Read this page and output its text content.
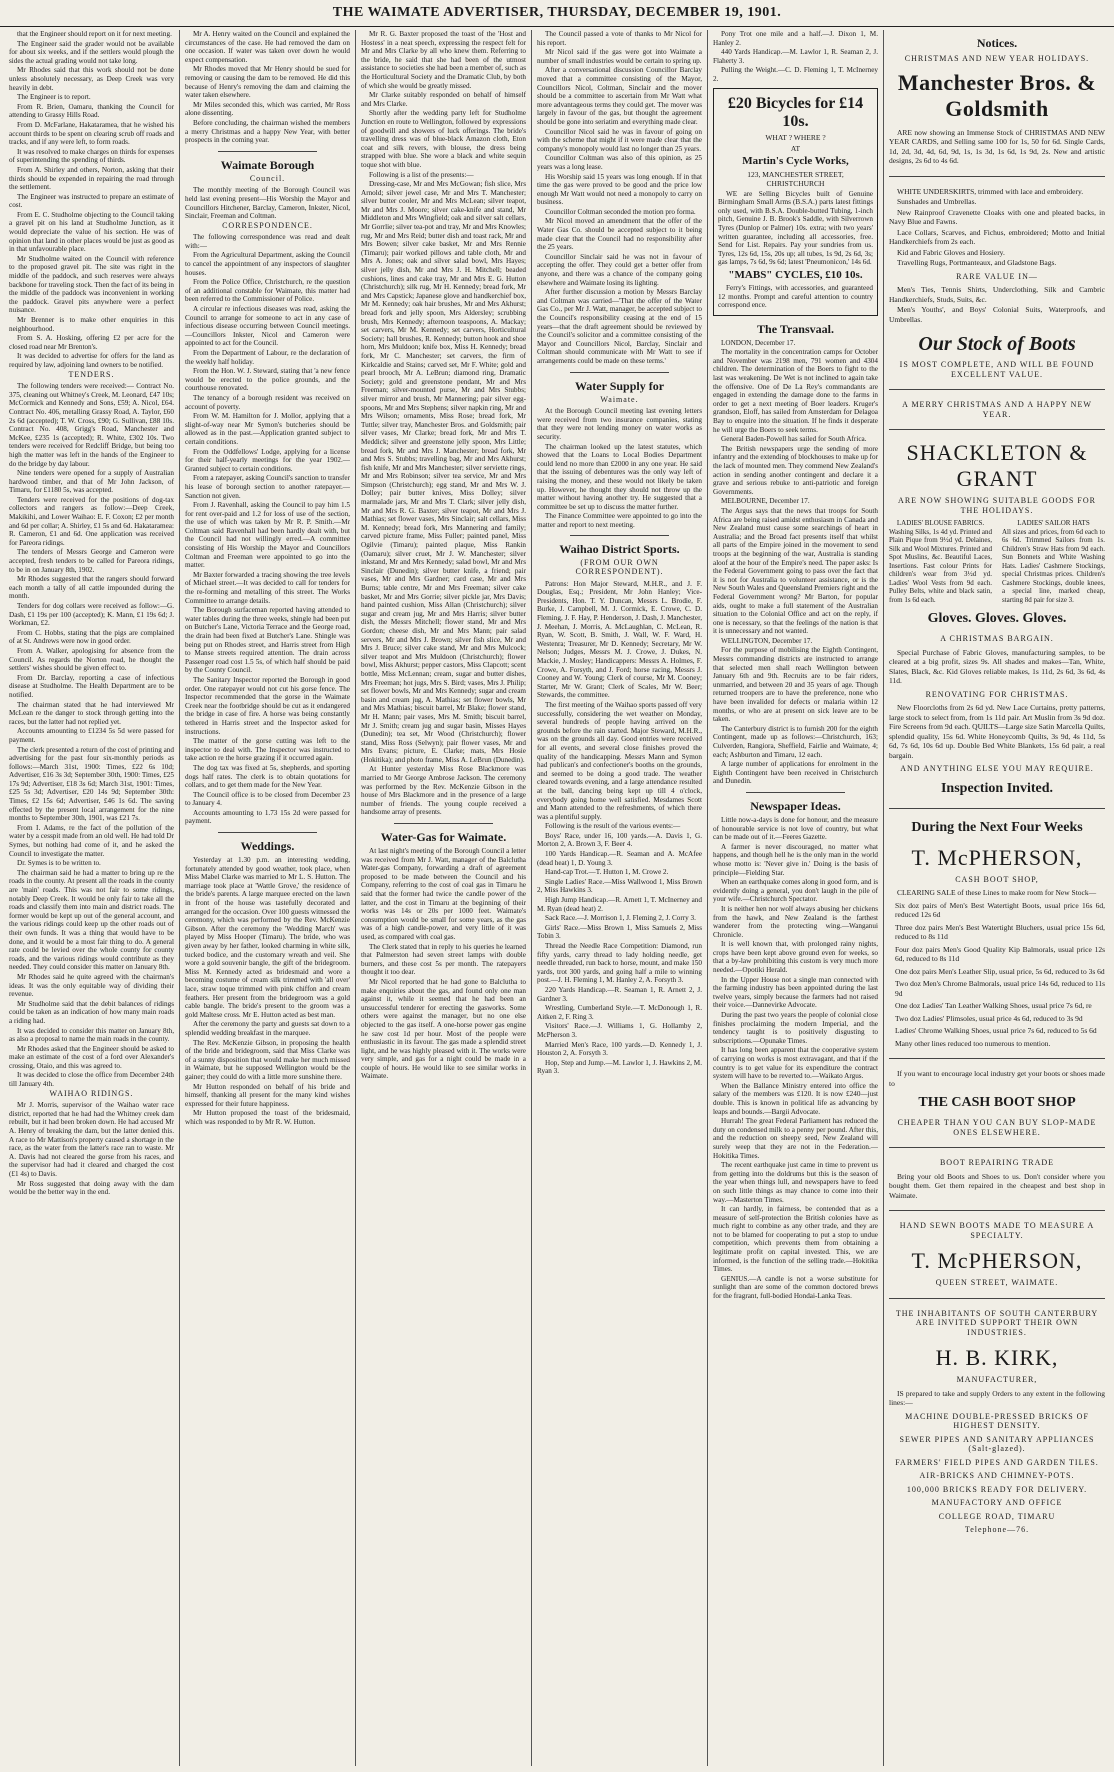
THE WAIMATE ADVERTISER, THURSDAY, DECEMBER 19, 1901.

that the Engineer should report on it for next meeting.

The Engineer said the grader would not be available for about six weeks, and if the settlers would plough the sides the actual grading would not take long.

Mr Rhodes said that this work should not be done unless absolutely necessary, as Deep Creek was very heavily in debt.

The Engineer is to report.

From R. Brien, Oamaru, thanking the Council for attending to Grassy Hills Road.

From D. McFarlane, Hakataramea, that he wished his account thirds to be spent on clearing scrub off roads and tracks, and if any were left, to form roads.

It was resolved to make charges on thirds for expenses of superintending the spending of thirds.

From A. Shirley and others, Norton, asking that their thirds should be expended in repairing the road through the settlement.

The Engineer was instructed to prepare an estimate of cost.

From E. C. Studholme objecting to the Council taking a gravel pit on his land at Studholme Junction, as it would depreciate the value of his section. He was of opinion that land in other places would be just as good as in that unfavourable place.

Mr Studholme waited on the Council with reference to the proposed gravel pit. The site was right in the middle of the paddock, and such reserves were always backbone for traveling stock. Then the fact of its being in the middle of the paddock was inconvenient in working the paddock. Gravel pits anywhere were a perfect nuisance.

Mr Brenner is to make other enquiries in this neighbourhood.

From S. A. Hosking, offering £2 per acre for the closed road near Mr Brenton's.

It was decided to advertise for offers for the land as required by law, adjoining land owners to be notified.

TENDERS.

The following tenders were received:— Contract No. 375, cleaning out Whitney's Creek, M. Leonard, £47 10s; McCormick and Kennedy and Sons, £59; A. Nicol, £64. Contract No. 406, metalling Grassy Road, A. Taylor, £60 2s 6d (accepted); T. W. Cross, £90; G. Sullivan, £88 10s. Contract No. 408, Grigg's Road, Manchester and McKee, £235 1s (accepted); R. White, £302 10s. Two tenders were received for Redcliff Bridge, but being too high the matter was left in the hands of the Engineer to do the bridge by day labour.

Nine tenders were opened for a supply of Australian hardwood timber, and that of Mr John Jackson, of Timaru, for £1180 5s, was accepted.

Tenders were received for the positions of dog-tax collectors and rangers as follow:—Deep Creek, Makikihi, and Lower Waihao: E. F. Coxon; £2 per month and 6d per collar; A. Shirley, £1 5s and 6d. Hakataramea: R. Cameron, £1 and 6d. One application was received for Pareora ridings.

The tenders of Messrs George and Cameron were accepted, fresh tenders to be called for Pareora ridings, to be in on January 8th, 1902.

Mr Rhodes suggested that the rangers should forward each month a tally of all cattle impounded during the month.

Tenders for dog collars were received as follow:—G. Dash, £1 19s per 100 (accepted); K. Mann, £1 19s 6d; J. Workman, £2.

From C. Hobbs, stating that the pigs are complained of at St. Andrews were now in good order.

From A. Walker, apologising for absence from the Council. As regards the Norton road, he thought the settlers' wishes should be given effect to.

From Dr. Barclay, reporting a case of infectious disease at Studholme. The Health Department are to be notified.

The chairman stated that he had interviewed Mr McLean re the danger to stock through getting into the races, but the latter had not replied yet.

Accounts amounting to £1234 5s 5d were passed for payment.

The clerk presented a return of the cost of printing and advertising for the past four six-monthly periods as follows:—March 31st, 1900: Times, £22 6s 10d; Advertiser, £16 3s 3d; September 30th, 1900: Times, £25 17s 9d; Advertiser, £18 3s 6d; March 31st, 1901: Times, £25 5s 3d; Advertiser, £20 14s 9d; September 30th: Times, £2 15s 6d; Advertiser, £46 1s 6d. The saving effected by the present local arrangement for the nine months to September 30th, 1901, was £21 7s.

From I. Adams, re the fact of the pollution of the water by a cesspit made from an old well. He had told Dr Symes, but nothing had come of it, and he asked the Council to investigate the matter.

Dr. Symes is to be written to.

The chairman said he had a matter to bring up re the roads in the county. At present all the roads in the county are 'main' roads. This was not fair to some ridings, notably Deep Creek. It would be only fair to take all the roads and classify them into main and district roads. The former would be kept up out of the general account, and the various ridings could keep up the other roads out of their own funds. It was a thing that would have to be done, and it would be a most fair thing to do. A general rate could be levied over the whole county for county roads, and the various ridings would contribute as they needed. They could consider this matter on January 8th.

Mr Rhodes said he quite agreed with the chairman's ideas. It was the only equitable way of dividing their revenue.

Mr Studholme said that the debit balances of ridings could be taken as an indication of how many main roads a riding had.

It was decided to consider this matter on January 8th, as also a proposal to name the main roads in the county.

Mr Rhodes asked that the Engineer should be asked to make an estimate of the cost of a ford over Alexander's crossing, Otaio, and this was agreed to.

It was decided to close the office from December 24th till January 4th.

WAIHAO RIDINGS.

Mr J. Morris, supervisor of the Waihao water race district, reported that he had had the Whitney creek dam rebuilt, but it had been broken down. He had accused Mr A. Henry of breaking the dam, but the latter denied this. A race to Mr Mattison's property caused a shortage in the race, as the water from the latter's race ran to waste. Mr A. Davis had not cleared the gorse from his races, and the supervisor had had it cleared and charged the cost (£1 4s) to Davis.

Mr Ross suggested that doing away with the dam would be the better way in the end.

Mr A. Henry waited on the Council and explained the circumstances of the case. He had removed the dam on one occasion. If water was taken over down he would expect compensation.

Mr Rhodes moved that Mr Henry should be sued for removing or causing the dam to be removed. He did this because of Henry's removing the dam and claiming the water taken elsewhere.

Mr Miles seconded this, which was carried, Mr Ross alone dissenting.

Before concluding, the chairman wished the members a merry Christmas and a happy New Year, with better prospects in the coming year.

Waimate Borough
Council.

The monthly meeting of the Borough Council was held last evening present—His Worship the Mayor and Councillors Hitchener, Barclay, Cameron, Inkster, Nicol, Sinclair, Freeman and Coltman.

CORRESPONDENCE.

The following correspondence was read and dealt with:—

From the Agricultural Department, asking the Council to cancel the appointment of any inspectors of slaughter houses.

From the Police Office, Christchurch, re the question of an additional constable for Waimate, this matter had been referred to the Commissioner of Police.

A circular re infectious diseases was read, asking the Council to arrange for someone to act in any case of infectious disease occurring between Council meetings.—Councillors Inkster, Nicol and Cameron were appointed to act for the Council.

From the Department of Labour, re the declaration of the weekly half holiday.

From the Hon. W. J. Steward, stating that 'a new fence would be erected to the police grounds, and the courthouse renovated.

The tenancy of a borough resident was received on account of poverty.

From W. M. Hamilton for J. Mollor, applying that a slight-of-way near Mr Symon's butcheries should be allowed as in the past.—Application granted subject to certain conditions.

From the Oddfellows' Lodge, applying for a license for their half-yearly meetings for the year 1902.—Granted subject to certain conditions.

From a ratepayer, asking Council's sanction to transfer his lease of borough section to another ratepayer.—Sanction not given.

From J. Ravenhall, asking the Council to pay him 1.5 for rent over-paid and 1.2 for loss of use of the section, the use of which was taken by Mr R. P. Smith.—Mr Coltman said Ravenhall had been hardly dealt with, but the Council had not willingly erred.—A committee consisting of His Worship the Mayor and Councillors Coltman and Freeman were appointed to go into the matter.

Mr Baxter forwarded a tracing showing the tree levels of Michael street.—It was decided to call for tenders for the re-forming and metalling of this street. The Works Committee to arrange details.

The Borough surfaceman reported having attended to water tables during the three weeks, shingle had been put on Butcher's Lane, Victoria Terrace and the George road, the drain had been fixed at Butcher's Lane. Shingle was being put on Rhodes street, and Harris street from High to Manse streets required attention. The drain across Passenger road cost 1.5 5s, of which half should be paid by the County Council.

The Sanitary Inspector reported the Borough in good order. One ratepayer would not cut his gorse fence. The Inspector recommended that the gorse in the Waimate Creek near the footbridge should be cut as it endangered the bridge in case of fire. A horse was being constantly tethered in Harris street and the Inspector asked for instructions.

The matter of the gorse cutting was left to the inspector to deal with. The Inspector was instructed to take action re the horse grazing if it occurred again.

The dog tax was fixed at 5s, shepherds, and sporting dogs half rates. The clerk is to obtain quotations for collars, and to get them made for the New Year.

The Council office is to be closed from December 23 to January 4.

Accounts amounting to 1.73 15s 2d were passed for payment.

Weddings.

Yesterday at 1.30 p.m. an interesting wedding, fortunately attended by good weather, took place, when Miss Mabel Clarke was married to Mr L. S. Hutton. The marriage took place at 'Wattle Grove,' the residence of the bride's parents. A large marquee erected on the lawn in front of the house was tastefully decorated and arranged for the occasion. Over 100 guests witnessed the ceremony, which was performed by the Rev. McKenzie Gibson. After the ceremony the 'Wedding March' was played by Miss Hooper (Timaru). The bride, who was given away by her father, looked charming in white silk, tucked bodice, and the customary wreath and veil. She wore a gold souvenir bangle, the gift of the bridegroom. Miss M. Kennedy acted as bridesmaid and wore a becoming costume of cream silk trimmed with 'all over' lace, straw toque trimmed with pink chiffon and cream feathers. Her present from the bridegroom was a gold cable bangle. The bride's present to the groom was a gold Maltese cross. Mr E. Hutton acted as best man.

After the ceremony the party and guests sat down to a splendid wedding breakfast in the marquee.

The Rev. McKenzie Gibson, in proposing the health of the bride and bridegroom, said that Miss Clarke was of a sunny disposition that would make her much missed in Waimate, but he supposed Wellington would be the gainer; they could do with a little more sunshine there.

Mr Hutton responded on behalf of his bride and himself, thanking all present for the many kind wishes expressed for their future happiness.

Mr Hutton proposed the toast of the bridesmaid, which was responded to by Mr R. W. Hutton.

Mr R. G. Baxter proposed the toast of the 'Host and Hostess' in a neat speech, expressing the respect felt for Mr and Mrs Clarke by all who knew them. Referring to the bride, he said that she had been of the utmost assistance to societies she had been a member of, such as the Horticultural Society and the Dramatic Club, by both of which she would be greatly missed.

Mr Clarke suitably responded on behalf of himself and Mrs Clarke.

Shortly after the wedding party left for Studholme Junction en route to Wellington, followed by expressions of goodwill and showers of luck offerings. The bride's travelling dress was of blue-black Amazon cloth, Eton coat and silk revers, with blouse, the dress being strapped with blue. She wore a black and white sequin toque shot with blue.

Following is a list of the presents:—

Dressing-case, Mr and Mrs McGowan; fish slice, Mrs Arnold; silver jewel case, Mr and Mrs T. Manchester; silver butter cooler, Mr and Mrs McLean; silver teapot, Mr and Mrs J. Moore; silver cake-knife and stand, Mr Middleton and Mrs Wingfield; oak and silver salt cellars, Mr Gorrlie; silver tea-pot and tray, Mr and Mrs Knowles; rug, Mr and Mrs Reid; butter dish and toast rack, Mr and Mrs Bowen; silver cake basket, Mr and Mrs Rennie (Timaru); pair worked pillows and table cloth, Mr and Mrs A. Jones; oak and silver salad bowl, Mrs Hayes; silver jelly dish, Mr and Mrs J. H. Mitchell; beaded cushions, lines and cake tray, Mr and Mrs E. G. Hutton (Christchurch); silk rug, Mr H. Kennedy; bread fork, Mr and Mrs Capstick; Japanese glove and handkerchief box, Mr M. Kennedy; oak hair brushes, Mr and Mrs Akhurst; bread fork and jelly spoon, Mrs Aldersley; scrubbing brush, Mrs Kennedy; afternoon teaspoons, A. Mackay; set carvers, Mr M. Kennedy; set carvers, Horticultural Society; hall brushes, R. Kennedy; button hook and shoe horn, Mrs Muldoon; knife box, Miss H. Kennedy; bread fork, Mr C. Manchester; set carvers, the firm of Kirkcaldie and Stains; carved set, Mr F. White; gold and pearl brooch, Mr A. LeBrun; diamond ring, Dramatic Society; gold and greenstone pendant, Mr and Mrs Freeman; silver-mounted purse, Mr and Mrs Stubbs; silver mirror and brush, Mr Mannering; pair silver egg-spoons, Mr and Mrs Stephens; silver napkin ring, Mr and Mrs Wilson; ornaments, Miss Rose; bread fork, Mr Tuttle; silver tray, Manchester Bros. and Goldsmith; pair silver vases, Mr Clarke; bread fork, Mr and Mrs T. Meddick; silver and greenstone jelly spoon, Mrs Little; bread fork, Mr and Mrs J. Manchester; bread fork, Mr and Mrs S. Stubbs; travelling bag, Mr and Mrs Akhurst; fish knife, Mr and Mrs Manchester; silver serviette rings, Mr and Mrs Robinson; silver tea service, Mr and Mrs Simpson (Christchurch); egg stand, Mr and Mrs W. J. Dolley; pair butter knives, Miss Dolley; silver marmalade jars, Mr and Mrs T. Clark; silver jelly dish, Mr and Mrs R. G. Baxter; silver teapot, Mr and Mrs J. Mathias; set flower vases, Mrs Sinclair; salt cellars, Miss M. Kennedy; bread fork, Mrs Mannering and family; carved picture frame, Miss Fuller; painted panel, Miss Ogilvie (Timaru); painted plaque, Miss Rankin (Oamaru); silver cruet, Mr J. W. Manchester; silver inkstand, Mr and Mrs Kennedy; salad bowl, Mr and Mrs Sinclair (Dunedin); silver butter knife, a friend; pair vases, Mr and Mrs Gardner; card case, Mr and Mrs Burns; table centre, Mr and Mrs Freeman; silver cake basket, Mr and Mrs Gorrie; silver pickle jar, Mrs Davis; hand painted cushion, Miss Allan (Christchurch); silver sugar and cream jug, Mr and Mrs Harris; silver butter dish, the Messrs Mitchell; flower stand, Mr and Mrs Gordon; cheese dish, Mr and Mrs Mann; pair salad servers, Mr and Mrs J. Brown; silver fish slice, Mr and Mrs J. Bruce; silver cake stand, Mr and Mrs Mulcock; silver teapot and Mrs Muldoon (Christchurch); flower bowl, Miss Akhurst; pepper castors, Miss Clapcott; scent bottle, Miss McLennan; cream, sugar and butter dishes, Mrs Freeman; hot jugs, Mrs S. Bird; vases, Mrs J. Philip; set flower bowls, Mr and Mrs Kennedy; sugar and cream basin and cream jug, A. Mathias; set flower bowls, Mr and Mrs Mathias; biscuit barrel, Mr Blake; flower stand, Mr H. Mann; pair vases, Mrs M. Smith; biscuit barrel, Mr J. Smith; cream jug and sugar basin, Misses Hayes (Dunedin); tea set, Mr Wood (Christchurch); flower stand, Miss Ross (Selwyn); pair flower vases, Mr and Mrs Evans; picture, E. Clarke; mats, Mrs Hosie (Hokitika); and photo frame, Miss A. LeBrun (Dunedin).

At Hunter yesterday Miss Rose Blackmore was married to Mr George Ambrose Jackson. The ceremony was performed by the Rev. McKenzie Gibson in the house of Mrs Blackmore and in the presence of a large number of friends. The young couple received a handsome array of presents.

Water-Gas for Waimate.

At last night's meeting of the Borough Council a letter was received from Mr J. Watt, manager of the Balclutha Water-gas Company, forwarding a draft of agreement proposed to be made between the Council and his Company, referring to the cost of coal gas in Timaru he said that the former had twice the candle power of the latter, and the cost in Timaru at the beginning of their works was 14s or 20s per 1000 feet. Waimate's consumption would be small for some years, as the gas was of a high candle-power, and very little of it was used, as compared with coal gas.

The Clerk stated that in reply to his queries he learned that Palmerston had seven street lamps with double burners, and these cost 5s per month. The ratepayers thought it too dear.

Mr Nicol reported that he had gone to Balclutha to make enquiries about the gas, and found only one man against it, while it seemed that he had been an unsuccessful tenderer for erecting the gasworks. Some others were against the manager, but no one else objected to the gas itself. A one-horse power gas engine he saw cost 1d per hour. Most of the people were enthusiastic in its favour. The gas made a splendid street light, and he was highly pleased with it. The works were very simple, and gas for a night could be made in a couple of hours. He would like to see similar works in Waimate.

The Council passed a vote of thanks to Mr Nicol for his report.

Mr Nicol said if the gas were got into Waimate a number of small industries would be certain to spring up.

After a conversational discussion Councillor Barclay moved that a committee consisting of the Mayor, Councillors Nicol, Coltman, Sinclair and the mover should be a committee to ascertain from Mr Watt what more advantageous terms they could get. The mover was largely in favour of the gas, but thought the agreement should be gone into seriatim and everything made clear.

Councillor Nicol said he was in favour of going on with the scheme that might if it were made clear that the company's monopoly would last no longer than 25 years.

Councillor Coltman was also of this opinion, as 25 years was a long lease.

His Worship said 15 years was long enough. If in that time the gas were proved to be good and the price low enough Mr Watt would not need a monopoly to carry on business.

Councillor Coltman seconded the motion pro forma.

Mr Nicol moved an amendment that the offer of the Water Gas Co. should be accepted subject to it being made clear that the Council had no responsibility after the 25 years.

Councillor Sinclair said he was not in favour of accepting the offer. They could get a better offer from anyone, and there was a chance of the company going elsewhere and Waimate losing its lighting.

After further discussion a motion by Messrs Barclay and Coltman was carried—'That the offer of the Water Gas Co., per Mr J. Watt, manager, be accepted subject to the Council's responsibility ceasing at the end of 15 years—that the draft agreement should be reviewed by the Council's solicitor and a committee consisting of the Mayor and Councillors Nicol, Barclay, Sinclair and Coltman should communicate with Mr Watt to see if arrangements could be made on these terms.'

Water Supply for
Waimate.

At the Borough Council meeting last evening letters were received from two insurance companies, stating that they were not lending money on water works as security.

The chairman looked up the latest statutes, which showed that the Loans to Local Bodies Department could lend no more than £2000 in any one year. He said that the issuing of debentures was the only way left of raising the money, and these would not likely be taken up. However, he thought they should not throw up the matter without having another try. He suggested that a committee be set up to discuss the matter further.

The Finance Committee were appointed to go into the matter and report to next meeting.

Waihao District Sports.
(FROM OUR OWN CORRESPONDENT).

Patrons: Hon Major Steward, M.H.R., and J. F. Douglas, Esq.; President, Mr John Hanley; Vice-Presidents, Hon. T. Y. Duncan, Messrs L. Brodie, F. Burke, J. Campbell, M. J. Cormick, E. Crowe, C. D. Fleming, J. F. Hay, P. Henderson, J. Dash, J. Manchester, J. Meehan, J. Morris, A. McLaughlan, C. McLean, R. Ryan, W. Scott, B. Smith, J. Wall, W. F. Ward, H. Westenra; Treasurer, Mr D. Kennedy; Secretary, Mr W. Nelson; Judges, Messrs M. J. Crowe, J. Dukes, N. Mackie, J. Mosley; Handicappers: Messrs A. Holmes, F. Crowe, A. Forsyth, and J. Ford; horse racing, Messrs J. Cooney and W. Young; Clerk of course, Mr M. Cooney; Starter, Mr W. Grant; Clerk of Scales, Mr W. Beer; Stewards, the committee.

The first meeting of the Waihao sports passed off very successfully, considering the wet weather on Monday, several hundreds of people having arrived on the grounds before the rain started. Major Steward, M.H.R., was on the grounds all day. Good entries were received for all events, and several close finishes proved the quality of the handicapping. Messrs Mann and Symon had publican's and confectioner's booths on the grounds, and seemed to be doing a good trade. The weather cleared towards evening, and a large attendance resulted at the ball, dancing being kept up till 4 o'clock, everybody going home well satisfied. Mesdames Scott and Mann attended to the refreshments, of which there was a plentiful supply.

Following is the result of the various events:—

Boys' Race, under 16, 100 yards.—A. Davis 1, G. Morton 2, A. Brown 3, F. Beer 4.

100 Yards Handicap.—R. Seaman and A. McAfee (dead heat) 1, D. Young 3.

Hand-cap Trot.—T. Hutton 1, M. Crowe 2.

Single Ladies' Race.—Miss Wallwood 1, Miss Brown 2, Miss Hawkins 3.

High Jump Handicap.—R. Arnett 1, T. McInerney and M. Ryan (dead heat) 2.

Sack Race.—J. Morrison 1, J. Fleming 2, J. Corry 3.

Girls' Race.—Miss Brown 1, Miss Samuels 2, Miss Tobin 3.

Thread the Needle Race Competition: Diamond, run fifty yards, carry thread to lady holding needle, get needle threaded, run back to horse, mount, and make 150 yards, trot 300 yards, and going half a mile to winning post.—J. H. Fleming 1, M. Hanley 2, A. Forsyth 3.

220 Yards Handicap.—R. Seaman 1, R. Arnett 2, J. Gardner 3.

Wrestling, Cumberland Style.—T. McDonough 1, R. Aitken 2, F. Ring 3.

Visitors' Race.—J. Williams 1, G. Hollamby 2, McPherson 3.

Married Men's Race, 100 yards.—D. Kennedy 1, J. Houston 2, A. Forsyth 3.

Hop, Step and Jump.—M. Lawlor 1, J. Hawkins 2, M. Ryan 3.

Pony Trot one mile and a half.—J. Dixon 1, M. Hanley 2.

440 Yards Handicap.—M. Lawlor 1, R. Seaman 2, J. Flaherty 3.

Pulling the Weight.—C. D. Fleming 1, T. McInerney 2.

£20 Bicycles for £14 10s.
WHAT ? WHERE ?
AT
Martin's Cycle Works,
123, MANCHESTER STREET, CHRISTCHURCH

WE are Selling Bicycles built of Genuine Birmingham Small Arms (B.S.A.) parts latest fittings only used, with B.S.A. Double-butted Tubing, 1-inch pitch, Genuine J. B. Brook's Saddle, with Silverrown Tyres (Dunlop or Palmer) 10s. extra; with two years' written guarantee, including all accessories, free. Send for List. Repairs. Pay your sundries from us. Tyres, 12s 6d, 15s, 20s up; all tubes, 1s 9d, 2s 6d, 3s; gas lamps, 7s 6d, 9s 6d; latest 'Pneumonicon,' 14s 6d.

"MABS" CYCLES, £10 10s.

Ferry's Fittings, with accessories, and guaranteed 12 months. Prompt and careful attention to country correspond ence.

The Transvaal.

LONDON, December 17.

The mortality in the concentration camps for October and November was 2198 men, 791 women and 4304 children. The determination of the Boers to fight to the last was weakening. De Wet is not inclined to again take the offensive. One of De La Rey's commandants are engaged in extending the damage done to the farms in order to get a next meeting of Boer leaders. Kruger's grandson, Eloff, has sailed from Amsterdam for Delagoa Bay to enquire into the situation. If he finds it desperate he will urge the Boers to seek terms.

General Baden-Powell has sailed for South Africa.

The British newspapers urge the sending of more infantry and the extending of blockhouses to make up for the lack of mounted men. They commend New Zealand's action in sending another contingent and declare it a grave and serious rebuke to anti-patriotic and foreign Governments.

MELBOURNE, December 17.

The Argus says that the news that troops for South Africa are being raised amidst enthusiasm in Canada and New Zealand must cause some searchings of heart in Australia; and the Broad fact presents itself that whilst all parts of the Empire joined in the movement to send troops at the beginning of the war, Australia is standing aloof at the hour of the Empire's need. The paper asks: Is the Federal Government going to pass over the fact that it is not for Australia to volunteer assistance, or is the New South Wales and Queensland Premiers right and the Federal Government wrong? Mr Barton, for popular aids, ought to make a full statement of the Australian situation to the Colonial Office and act on the reply, if one is necessary, so that the feelings of the nation is that it is unnecessary and not wanted.

WELLINGTON, December 17.

For the purpose of mobilising the Eighth Contingent, Messrs commanding districts are instructed to arrange that selected men shall reach Wellington between January 6th and 9th. Recruits are to be fair riders, unmarried, and between 20 and 35 years of age. Though returned troopers are to have the preference, none who have been invalided for defects or malaria within 12 months, or who are at present on sick leave are to be taken.

The Canterbury district is to furnish 200 for the eighth Contingent, made up as follows:—Christchurch, 163; Culverden, Rangiora, Sheffield, Fairlie and Waimate, 4; each; Ashburton and Timaru, 12 each.

A large number of applications for enrolment in the Eighth Contingent have been received in Christchurch and Dunedin.

Newspaper Ideas.

Little now-a-days is done for honour, and the measure of honourable service is not love of country, but what can be made out of it.—Feeres Gazette.

A farmer is never discouraged, no matter what happens, and though hell he is the only man in the world whose motto is: 'Never give in.' Doing is the basis of principle—Fielding Star.

When an earthquake comes along in good form, and is evidently doing a general, you don't laugh in the pile of your wife.—Christchurch Spectator.

It is neither hen nor wolf always abusing her chickens from the hawk, and New Zealand is the farthest wanderer from the protecting wing.—Wanganui Chronicle.

It is well known that, with prolonged rainy nights, crops have been kept above ground even for weeks, so that a by-law prohibiting this custom is very much more needed.—Opotiki Herald.

In the Upper House not a single man connected with the farming industry has been appointed during the last twelve years, simply because the farmers had not raised their voice.—Dannevirke Advocate.

During the past two years the people of colonial close finishes proclaiming the modern Imperial, and the tendency taught is to positively disgusting to subscriptions.—Opunake Times.

It has long been apparent that the cooperative system of carrying on works is most extravagant, and that if the country is to get value for its expenditure the contract system will have to be reverted to.—Waikato Argus.

When the Ballance Ministry entered into office the salary of the members was £120. It is now £240—just double. This is known in political life as advancing by leaps and bounds.—Bargii Advocate.

Hurrah! The great Federal Parliament has reduced the duty on condensed milk to a penny per pound. After this, and the reduction on sheepy seed, New Zealand will surely weep that they are not in the Federation.—Hokitika Times.

The recent earthquake just came in time to prevent us from getting into the doldrums but this is the season of the year when things lull, and newspapers have to feed on such little things as may chance to come into their way.—Masterton Times.

It can hardly, in fairness, be contended that as a measure of self-protection the British colonies have as much right to combine as any other trade, and they are not to be blamed for cooperating to put a stop to undue competition, which prevents them from obtaining a legitimate profit on capital invested. This, we are informed, is the function of the selling trade.—Hokitika Times.

GENIUS.—A candle is not a worse substitute for sunlight than are some of the common doctored brews for the fragrant, full-bodied Hondai-Lanka Teas.

Notices.
CHRISTMAS AND NEW YEAR HOLIDAYS.
Manchester Bros. & Goldsmith

ARE now showing an Immense Stock of CHRISTMAS AND NEW YEAR CARDS, and Selling same 100 for 1s, 50 for 6d. Single Cards, 1d, 2d, 3d, 4d, 6d, 9d, 1s, 1s 3d, 1s 6d, 1s 9d, 2s. New and artistic designs, 2s 6d to 4s 6d.

WHITE UNDERSKIRTS, trimmed with lace and embroidery.

Sunshades and Umbrellas.

New Rainproof Cravenette Cloaks with one and pleated backs, in Navy Blue and Fawns.

Lace Collars, Scarves, and Fichus, embroidered; Motto and Initial Handkerchiefs from 2s each.

Kid and Fabric Gloves and Hosiery.

Travelling Rugs, Portmanteaux, and Gladstone Bags.

RARE VALUE IN—

Men's Ties, Tennis Shirts, Underclothing, Silk and Cambric Handkerchiefs, Studs, Suits, &c.

Men's Youths', and Boys' Colonial Suits, Waterproofs, and Umbrellas.

Our Stock of Boots
IS MOST COMPLETE, AND WILL BE FOUND EXCELLENT VALUE.
A MERRY CHRISTMAS AND A HAPPY NEW YEAR.
SHACKLETON & GRANT
ARE NOW SHOWING SUITABLE GOODS FOR THE HOLIDAYS.
LADIES' BLOUSE FABRICS.
Washing Silks, 1s 4d yd. Printed and Plain Pique from 9½d yd. Delaines, Silk and Wool Mixtures. Printed and Spot Muslins, &c. Beautiful Laces, Insertions. Fast colour Prints for children's wear from 3½d yd. Ladies' Wool Vests from 9d each. Pulley Belts, white and black satin, from 1s 6d each.
LADIES' SAILOR HATS
All sizes and prices, from 6d each to 6s 6d. Trimmed Sailors from 1s. Children's Straw Hats from 9d each. Sun Bonnets and White Washing Hats. Ladies' Cashmere Stockings, special Christmas prices. Children's Cashmere Stockings, double knees, a special line, marked cheap, starting 8d pair for size 3.
Gloves. Gloves. Gloves.
A CHRISTMAS BARGAIN.

Special Purchase of Fabric Gloves, manufacturing samples, to be cleared at a big profit, sizes 9s. All shades and makes—Tan, White, Slates, Black, &c. Kid Gloves reliable makes, 1s 11d, 2s 6d, 3s 6d, 4s 11d.

RENOVATING FOR CHRISTMAS.

New Floorcloths from 2s 6d yd. New Lace Curtains, pretty patterns, large stock to select from, from 1s 11d pair. Art Muslin from 3s 9d doz. Fire Screens from 9d each. QUILTS—Large size Satin Marcella Quilts, splendid quality, 15s 6d. White Honeycomb Quilts, 3s 9d, 4s 11d, 5s 6d, 7s 6d, 10s 6d up. Double Bed White Blankets, 15s 6d pair, a real bargain.

AND ANYTHING ELSE YOU MAY REQUIRE.
Inspection Invited.
During the Next Four Weeks
T. McPHERSON,
CASH BOOT SHOP,

CLEARING SALE of these Lines to make room for New Stock—

Six doz pairs of Men's Best Watertight Boots, usual price 16s 6d, reduced 12s 6d
Three doz pairs Men's Best Watertight Bluchers, usual price 15s 6d, reduced to 8s 11d
Four doz pairs Men's Good Quality Kip Balmorals, usual price 12s 6d, reduced to 8s 11d
One doz pairs Men's Leather Slip, usual price, 5s 6d, reduced to 3s 6d
Two doz Men's Chrome Balmorals, usual price 14s 6d, reduced to 11s 9d
One doz Ladies' Tan Leather Walking Shoes, usual price 7s 6d, re
Two doz Ladies' Plimsoles, usual price 4s 6d, reduced to 3s 9d
Ladies' Chrome Walking Shoes, usual price 7s 6d, reduced to 5s 6d
Many other lines reduced too numerous to mention.

If you want to encourage local industry get your boots or shoes made to

THE CASH BOOT SHOP
CHEAPER THAN YOU CAN BUY SLOP-MADE ONES ELSEWHERE.
BOOT REPAIRING TRADE

Bring your old Boots and Shoes to us. Don't consider where you bought them. Get them repaired in the cheapest and best shop in Waimate.

HAND SEWN BOOTS MADE TO MEASURE A SPECIALTY.
T. McPHERSON,
QUEEN STREET, WAIMATE.
THE INHABITANTS OF SOUTH CANTERBURY ARE INVITED SUPPORT THEIR OWN INDUSTRIES.
H. B. KIRK,
MANUFACTURER,

IS prepared to take and supply Orders to any extent in the following lines:—

MACHINE DOUBLE-PRESSED BRICKS OF HIGHEST DENSITY.
SEWER PIPES AND SANITARY APPLIANCES (Salt-glazed).
FARMERS' FIELD PIPES AND GARDEN TILES.
AIR-BRICKS AND CHIMNEY-POTS.
100,000 BRICKS READY FOR DELIVERY.
MANUFACTORY AND OFFICE
COLLEGE ROAD, TIMARU
Telephone—76.
